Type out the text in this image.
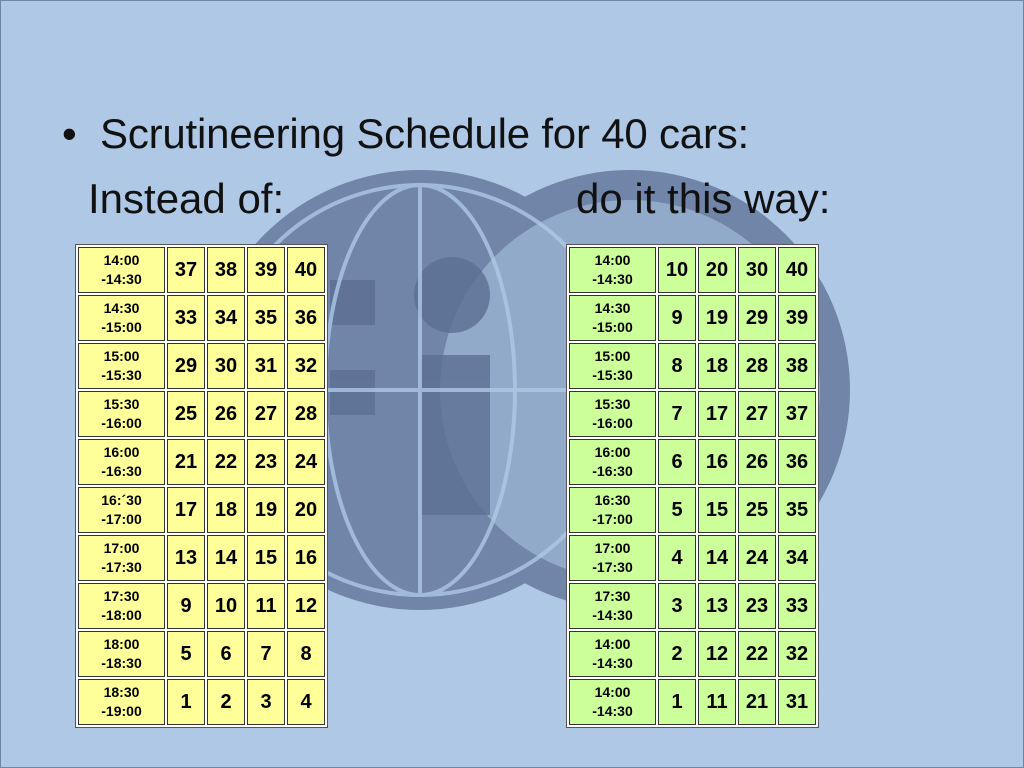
• Scrutineering Schedule for 40 cars:
Instead of:	do it this way:
14:00
-14:30	37	38	39	40

14:30
-15:00	33	34	35	36

15:00
-15:30	29	30	31	32

15:30
-16:00	25	26	27	28

16:00
-16:30	21	22	23	24

16:´30
-17:00	17	18	19	20

17:00
-17:30	13	14	15	16

17:30
-18:00	9	10	11	12

18:00
-18:30	5	6	7	8

18:30
-19:00	1	2	3	4
14:00
-14:30	10	20	30	40

14:30
-15:00	9	19	29	39

15:00
-15:30	8	18	28	38

15:30
-16:00	7	17	27	37

16:00
-16:30	6	16	26	36

16:30
-17:00	5	15	25	35

17:00
-17:30	4	14	24	34

17:30
-14:30	3	13	23	33

14:00
-14:30	2	12	22	32

14:00
-14:30	1	11	21	31
